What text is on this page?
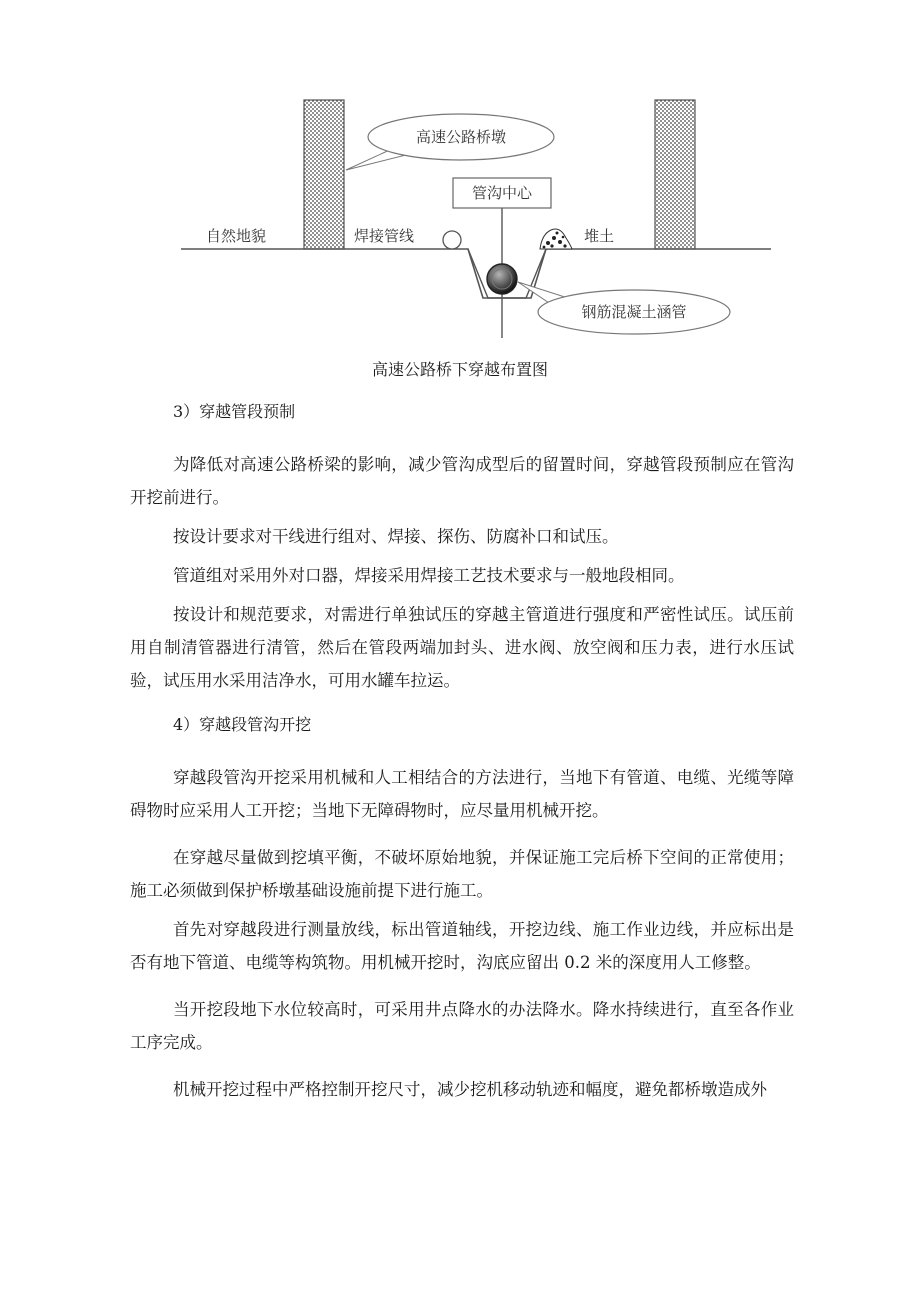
高速公路桥墩
管沟中心
自然地貌	焊接管线	堆土
钢筋混凝土涵管
高速公路桥下穿越布置图

3）穿越管段预制

为降低对高速公路桥梁的影响，减少管沟成型后的留置时间，穿越管段预制应在管沟开挖前进行。

按设计要求对干线进行组对、焊接、探伤、防腐补口和试压。

管道组对采用外对口器，焊接采用焊接工艺技术要求与一般地段相同。

按设计和规范要求，对需进行单独试压的穿越主管道进行强度和严密性试压。试压前用自制清管器进行清管，然后在管段两端加封头、进水阀、放空阀和压力表，进行水压试验，试压用水采用洁净水，可用水罐车拉运。

4）穿越段管沟开挖

穿越段管沟开挖采用机械和人工相结合的方法进行，当地下有管道、电缆、光缆等障碍物时应采用人工开挖；当地下无障碍物时，应尽量用机械开挖。

在穿越尽量做到挖填平衡，不破坏原始地貌，并保证施工完后桥下空间的正常使用；施工必须做到保护桥墩基础设施前提下进行施工。

首先对穿越段进行测量放线，标出管道轴线，开挖边线、施工作业边线，并应标出是否有地下管道、电缆等构筑物。用机械开挖时，沟底应留出 0.2 米的深度用人工修整。

当开挖段地下水位较高时，可采用井点降水的办法降水。降水持续进行，直至各作业工序完成。

机械开挖过程中严格控制开挖尺寸，减少挖机移动轨迹和幅度，避免都桥墩造成外
